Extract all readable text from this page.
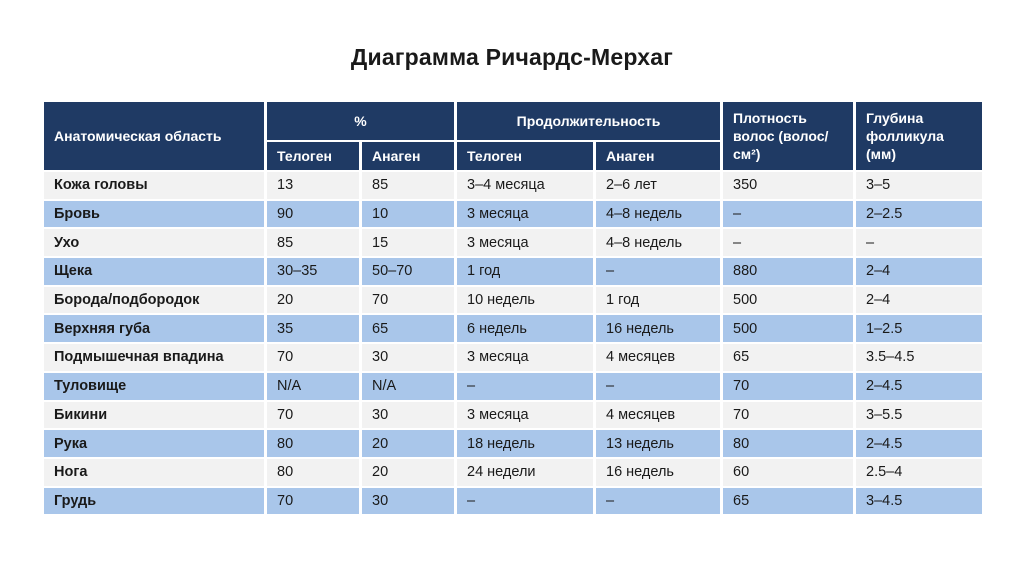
Диаграмма Ричардс-Мерхаг
Анатомическая область	%		Продолжительность		Плотность волос (волос/см²)	Глубина фолликула (мм)
	Телоген	Анаген	Телоген	Анаген		
Кожа головы	13	85	3–4 месяца	2–6 лет	350	3–5
Бровь	90	10	3 месяца	4–8 недель	–	2–2.5
Ухо	85	15	3 месяца	4–8 недель	–	–
Щека	30–35	50–70	1 год	–	880	2–4
Борода/подбородок	20	70	10 недель	1 год	500	2–4
Верхняя губа	35	65	6 недель	16 недель	500	1–2.5
Подмышечная впадина	70	30	3 месяца	4 месяцев	65	3.5–4.5
Туловище	N/A	N/A	–	–	70	2–4.5
Бикини	70	30	3 месяца	4 месяцев	70	3–5.5
Рука	80	20	18 недель	13 недель	80	2–4.5
Нога	80	20	24 недели	16 недель	60	2.5–4
Грудь	70	30	–	–	65	3–4.5
